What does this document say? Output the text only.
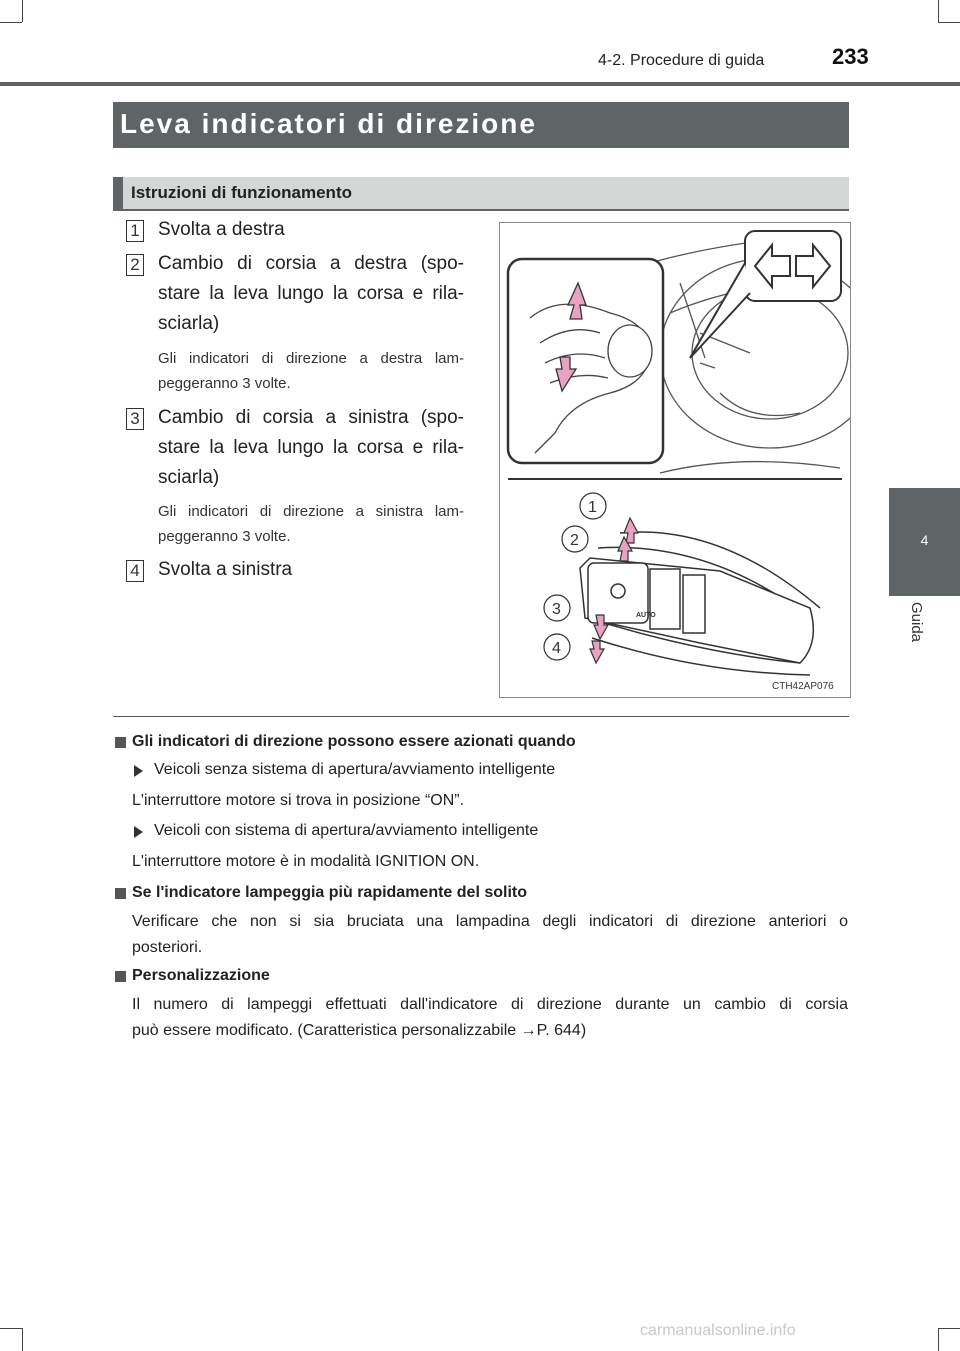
4-2. Procedure di guida	233
Leva indicatori di direzione
Istruzioni di funzionamento
4
Guida
1 Svolta a destra
2 Cambio di corsia a destra (spo-
stare la leva lungo la corsa e rila-
sciarla)
Gli indicatori di direzione a destra lam-
peggeranno 3 volte.
3 Cambio di corsia a sinistra (spo-
stare la leva lungo la corsa e rila-
sciarla)
Gli indicatori di direzione a sinistra lam-
peggeranno 3 volte.
4 Svolta a sinistra
AUTO
1
2
3
4
CTH42AP076
Gli indicatori di direzione possono essere azionati quando
Veicoli senza sistema di apertura/avviamento intelligente
L'interruttore motore si trova in posizione “ON”.
Veicoli con sistema di apertura/avviamento intelligente
L'interruttore motore è in modalità IGNITION ON.
Se l'indicatore lampeggia più rapidamente del solito
Verificare che non si sia bruciata una lampadina degli indicatori di direzione anteriori o
posteriori.
Personalizzazione
Il numero di lampeggi effettuati dall'indicatore di direzione durante un cambio di corsia
può essere modificato. (Caratteristica personalizzabile →P. 644)
carmanualsonline.info
